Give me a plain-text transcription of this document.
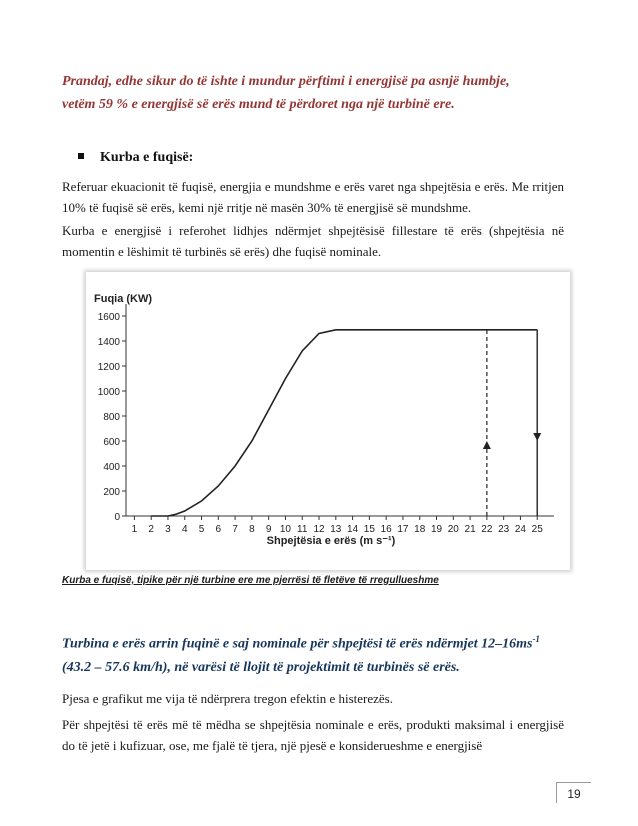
Prandaj, edhe sikur do të ishte i mundur përftimi i energjisë pa asnjë humbje,
vetëm 59 % e energjisë së erës mund të përdoret nga një turbinë ere.
Kurba e fuqisë:
Referuar ekuacionit të fuqisë, energjia e mundshme e erës varet nga shpejtësia e erës. Me rritjen 10% të fuqisë së erës, kemi një rritje në masën 30% të energjisë së mundshme.
Kurba e energjisë i referohet lidhjes ndërmjet shpejtësisë fillestare të erës (shpejtësia në momentin e lëshimit të turbinës së erës) dhe fuqisë nominale.
Fuqia (KW)
Shpejtësia e erës (m s⁻¹)
0
200
400
600
800
1000
1200
1400
1600
1 2 3 4 5 6 7 8 9 10 11 12 13 14 15 16 17 18 19 20 21 22 23 24 25
Kurba e fuqisë, tipike për një turbine ere me pjerrësi të fletëve të rregullueshme
Turbina e erës arrin fuqinë e saj nominale për shpejtësi të erës ndërmjet $12-16ms^{-1}$
(43.2 – 57.6 km/h), në varësi të llojit të projektimit të turbinës së erës.
Pjesa e grafikut me vija të ndërprera tregon efektin e histerezës.
Për shpejtësi të erës më të mëdha se shpejtësia nominale e erës, produkti maksimal i energjisë do të jetë i kufizuar, ose, me fjalë të tjera, një pjesë e konsiderueshme e energjisë
19
